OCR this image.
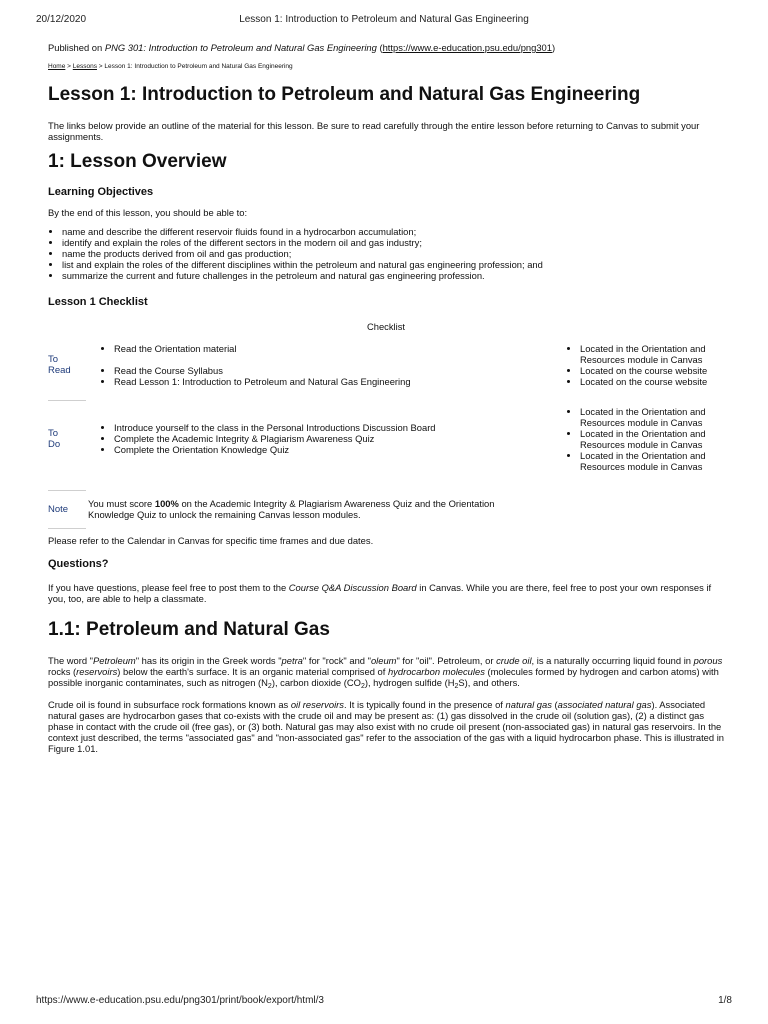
20/12/2020	Lesson 1: Introduction to Petroleum and Natural Gas Engineering

Published on PNG 301: Introduction to Petroleum and Natural Gas Engineering (https://www.e-education.psu.edu/png301)

Home > Lessons > Lesson 1: Introduction to Petroleum and Natural Gas Engineering
Lesson 1: Introduction to Petroleum and Natural Gas Engineering

The links below provide an outline of the material for this lesson. Be sure to read carefully through the entire lesson before returning to Canvas to submit your assignments.

1: Lesson Overview
Learning Objectives

By the end of this lesson, you should be able to:

• name and describe the different reservoir fluids found in a hydrocarbon accumulation;
• identify and explain the roles of the different sectors in the modern oil and gas industry;
• name the products derived from oil and gas production;
• list and explain the roles of the different disciplines within the petroleum and natural gas engineering profession; and
• summarize the current and future challenges in the petroleum and natural gas engineering profession.
Lesson 1 Checklist

Checklist

To
Read
• Read the Orientation material
• Read the Course Syllabus
• Read Lesson 1: Introduction to Petroleum and Natural Gas Engineering
• Located in the Orientation and Resources module in Canvas
• Located on the course website
• Located on the course website
To
Do
• Introduce yourself to the class in the Personal Introductions Discussion Board
• Complete the Academic Integrity & Plagiarism Awareness Quiz
• Complete the Orientation Knowledge Quiz
• Located in the Orientation and Resources module in Canvas
• Located in the Orientation and Resources module in Canvas
• Located in the Orientation and Resources module in Canvas
Note
You must score 100% on the Academic Integrity & Plagiarism Awareness Quiz and the Orientation Knowledge Quiz to unlock the remaining Canvas lesson modules.

Please refer to the Calendar in Canvas for specific time frames and due dates.

Questions?

If you have questions, please feel free to post them to the Course Q&A Discussion Board in Canvas. While you are there, feel free to post your own responses if you, too, are able to help a classmate.

1.1: Petroleum and Natural Gas

The word "Petroleum" has its origin in the Greek words "petra" for "rock" and "oleum" for "oil". Petroleum, or crude oil, is a naturally occurring liquid found in porous rocks (reservoirs) below the earth's surface. It is an organic material comprised of hydrocarbon molecules (molecules formed by hydrogen and carbon atoms) with possible inorganic contaminates, such as nitrogen $(N_2)$, carbon dioxide $(CO_2)$, hydrogen sulfide $(H_2S)$, and others.

Crude oil is found in subsurface rock formations known as oil reservoirs. It is typically found in the presence of natural gas (associated natural gas). Associated natural gases are hydrocarbon gases that co-exists with the crude oil and may be present as: (1) gas dissolved in the crude oil (solution gas), (2) a distinct gas phase in contact with the crude oil (free gas), or (3) both. Natural gas may also exist with no crude oil present (non-associated gas) in natural gas reservoirs. In the context just described, the terms "associated gas" and "non-associated gas" refer to the association of the gas with a liquid hydrocarbon phase. This is illustrated in Figure 1.01.

https://www.e-education.psu.edu/png301/print/book/export/html/3	1/8
